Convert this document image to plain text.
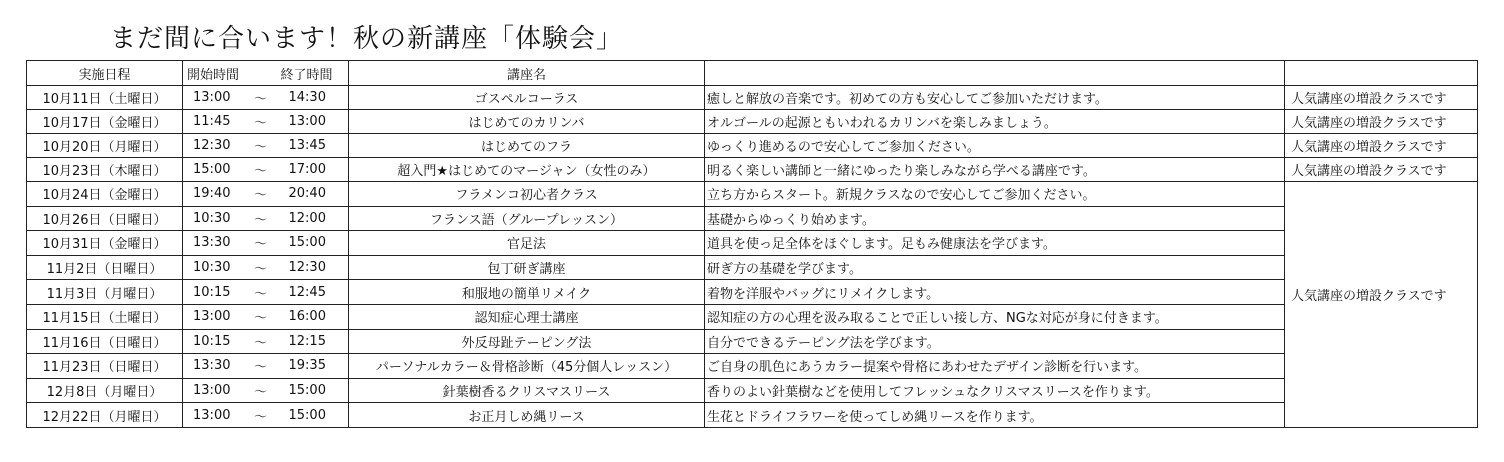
まだ間に合います！秋の新講座「体験会」
実施日程	開始時間		終了時間	講座名		
10月11日（土曜日）	13:00	〜	14:30	ゴスペルコーラス	癒しと解放の音楽です。初めての方も安心してご参加いただけます。	人気講座の増設クラスです
10月17日（金曜日）	11:45	〜	13:00	はじめてのカリンバ	オルゴールの起源ともいわれるカリンバを楽しみましょう。	人気講座の増設クラスです
10月20日（月曜日）	12:30	〜	13:45	はじめてのフラ	ゆっくり進めるので安心してご参加ください。	人気講座の増設クラスです
10月23日（木曜日）	15:00	〜	17:00	超入門★はじめてのマージャン（女性のみ）	明るく楽しい講師と一緒にゆったり楽しみながら学べる講座です。	人気講座の増設クラスです
10月24日（金曜日）	19:40	〜	20:40	フラメンコ初心者クラス	立ち方からスタート。新規クラスなので安心してご参加ください。	人気講座の増設クラスです

10月26日（日曜日）	10:30	〜	12:00	フランス語（グループレッスン）	基礎からゆっくり始めます。	
10月31日（金曜日）	13:30	〜	15:00	官足法	道具を使っ足全体をほぐします。足もみ健康法を学びます。	
11月2日（日曜日）	10:30	〜	12:30	包丁研ぎ講座	研ぎ方の基礎を学びます。	
11月3日（月曜日）	10:15	〜	12:45	和服地の簡単リメイク	着物を洋服やバッグにリメイクします。	
11月15日（土曜日）	13:00	〜	16:00	認知症心理士講座	認知症の方の心理を汲み取ることで正しい接し方、NGな対応が身に付きます。	
11月16日（日曜日）	10:15	〜	12:15	外反母趾テーピング法	自分でできるテーピング法を学びます。	
11月23日（日曜日）	13:30	〜	19:35	パーソナルカラー＆骨格診断（45分個人レッスン）	ご自身の肌色にあうカラー提案や骨格にあわせたデザイン診断を行います。	
12月8日（月曜日）	13:00	〜	15:00	針葉樹香るクリスマスリース	香りのよい針葉樹などを使用してフレッシュなクリスマスリースを作ります。	
12月22日（月曜日）	13:00	〜	15:00	お正月しめ縄リース	生花とドライフラワーを使ってしめ縄リースを作ります。	
